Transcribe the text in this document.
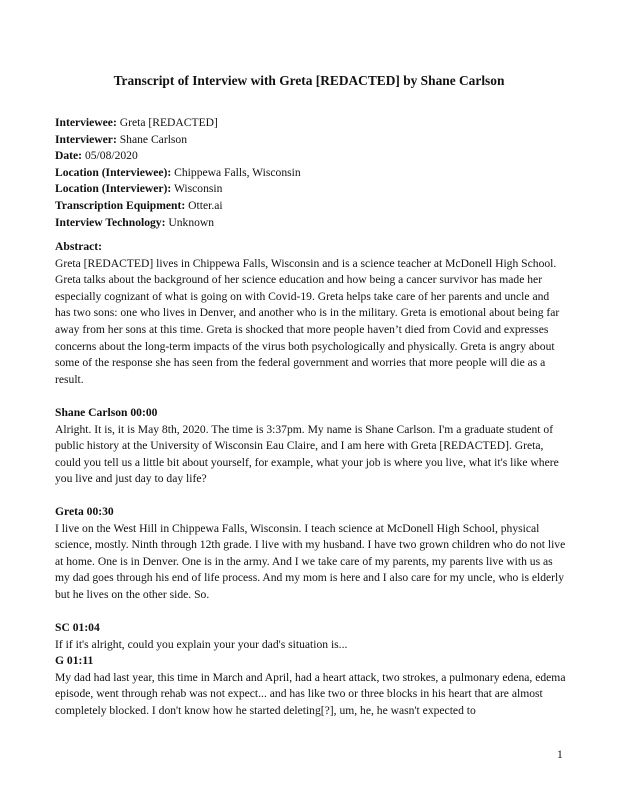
Transcript of Interview with Greta [REDACTED] by Shane Carlson
Interviewee: Greta [REDACTED]
Interviewer: Shane Carlson
Date: 05/08/2020
Location (Interviewee): Chippewa Falls, Wisconsin
Location (Interviewer): Wisconsin
Transcription Equipment: Otter.ai
Interview Technology: Unknown
Abstract:

Greta [REDACTED] lives in Chippewa Falls, Wisconsin and is a science teacher at McDonell High School. Greta talks about the background of her science education and how being a cancer survivor has made her especially cognizant of what is going on with Covid-19. Greta helps take care of her parents and uncle and has two sons: one who lives in Denver, and another who is in the military. Greta is emotional about being far away from her sons at this time. Greta is shocked that more people haven’t died from Covid and expresses concerns about the long-term impacts of the virus both psychologically and physically. Greta is angry about some of the response she has seen from the federal government and worries that more people will die as a result.

Shane Carlson 00:00

Alright. It is, it is May 8th, 2020. The time is 3:37pm. My name is Shane Carlson. I'm a graduate student of public history at the University of Wisconsin Eau Claire, and I am here with Greta [REDACTED]. Greta, could you tell us a little bit about yourself, for example, what your job is where you live, what it's like where you live and just day to day life?

Greta 00:30

I live on the West Hill in Chippewa Falls, Wisconsin. I teach science at McDonell High School, physical science, mostly. Ninth through 12th grade. I live with my husband. I have two grown children who do not live at home. One is in Denver. One is in the army. And I we take care of my parents, my parents live with us as my dad goes through his end of life process. And my mom is here and I also care for my uncle, who is elderly but he lives on the other side. So.

SC 01:04

If if it's alright, could you explain your your dad's situation is...

G 01:11

My dad had last year, this time in March and April, had a heart attack, two strokes, a pulmonary edena, edema episode, went through rehab was not expect... and has like two or three blocks in his heart that are almost completely blocked. I don't know how he started deleting[?], um, he, he wasn't expected to

1
